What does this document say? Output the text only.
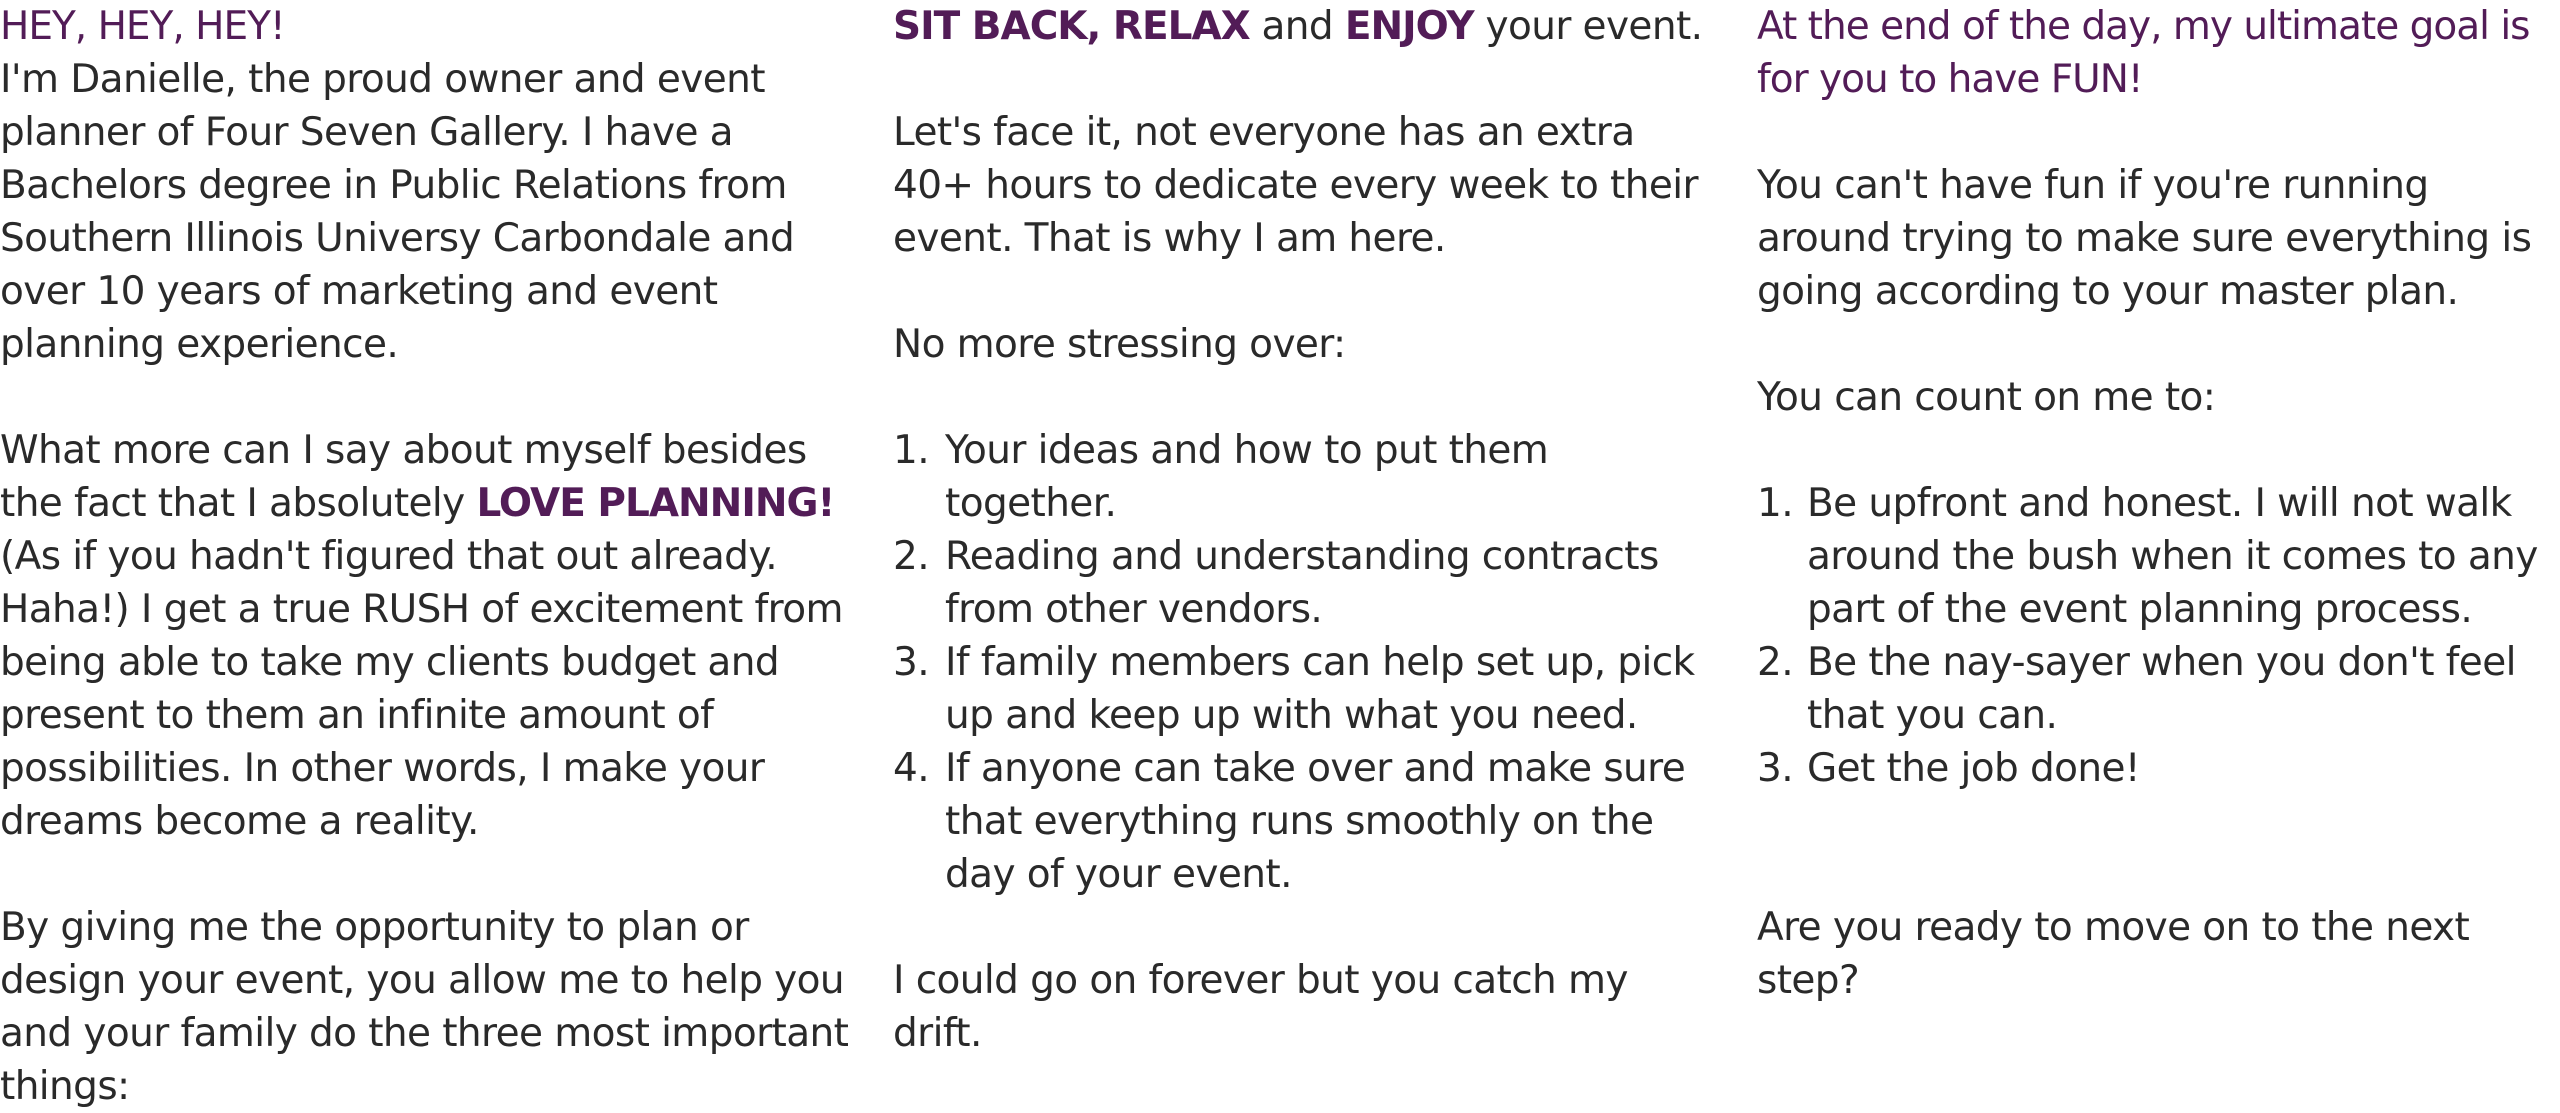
HEY, HEY, HEY!

I'm Danielle, the proud owner and event planner of Four Seven Gallery. I have a Bachelors degree in Public Relations from Southern Illinois Universy Carbondale and over 10 years of marketing and event planning experience.

What more can I say about myself besides the fact that I absolutely LOVE PLANNING! (As if you hadn't figured that out already. Haha!) I get a true RUSH of excitement from being able to take my clients budget and present to them an infinite amount of possibilities. In other words, I make your dreams become a reality.

By giving me the opportunity to plan or design your event, you allow me to help you and your family do the three most important things:

SIT BACK, RELAX and ENJOY your event.

Let's face it, not everyone has an extra 40+ hours to dedicate every week to their event. That is why I am here.

No more stressing over:

1. Your ideas and how to put them together.
2. Reading and understanding contracts from other vendors.
3. If family members can help set up, pick up and keep up with what you need.
4. If anyone can take over and make sure that everything runs smoothly on the day of your event.

I could go on forever but you catch my drift.

At the end of the day, my ultimate goal is for you to have FUN!

You can't have fun if you're running around trying to make sure everything is going according to your master plan.

You can count on me to:

1. Be upfront and honest. I will not walk around the bush when it comes to any part of the event planning process.
2. Be the nay-sayer when you don't feel that you can.
3. Get the job done!

Are you ready to move on to the next step?
